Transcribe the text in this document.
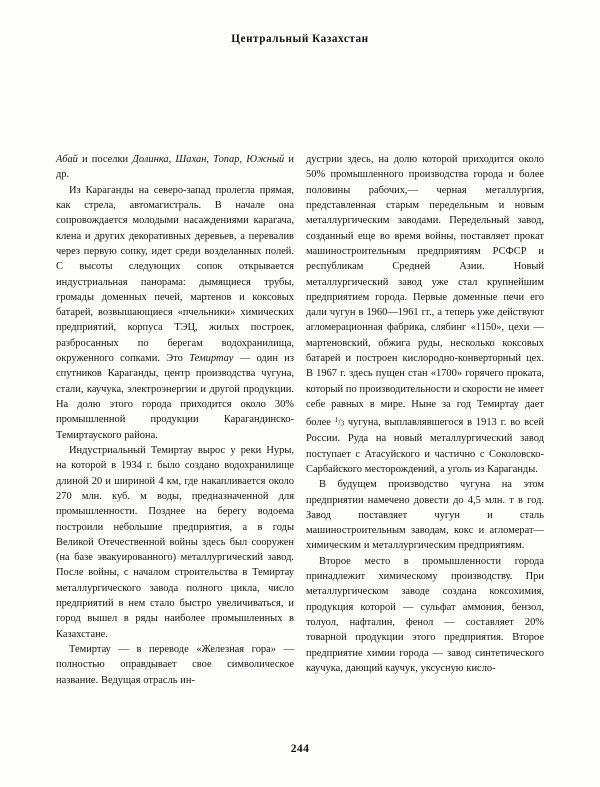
Центральный Казахстан

Абай и поселки Долинка, Шахан, Топар, Южный и др.

Из Караганды на северо-запад пролегла прямая, как стрела, автомагистраль. В начале она сопровождается молодыми насаждениями карагача, клена и других декоративных деревьев, а перевалив через первую сопку, идет среди возделанных полей. С высоты следующих сопок открывается индустриальная панорама: дымящиеся трубы, громады доменных печей, мартенов и коксовых батарей, возвышающиеся «пчельники» химических предприятий, корпуса ТЭЦ, жилых построек, разбросанных по берегам водохранилища, окруженного сопками. Это Темиртау — один из спутников Караганды, центр производства чугуна, стали, каучука, электроэнергии и другой продукции. На долю этого города приходится около 30% промышленной продукции Карагандинско-Темиртауского района.

Индустриальный Темиртау вырос у реки Нуры, на которой в 1934 г. было создано водохранилище длиной 20 и шириной 4 км, где накапливается около 270 млн. куб. м воды, предназначенной для промышленности. Позднее на берегу водоема построили небольшие предприятия, а в годы Великой Отечественной войны здесь был сооружен (на базе эвакуированного) металлургический завод. После войны, с началом строительства в Темиртау металлургического завода полного цикла, число предприятий в нем стало быстро увеличиваться, и город вышел в ряды наиболее промышленных в Казахстане.

Темиртау — в переводе «Железная гора» — полностью оправдывает свое символическое название. Ведущая отрасль ин-

дустрии здесь, на долю которой приходится около 50% промышленного производства города и более половины рабочих,— черная металлургия, представленная старым передельным и новым металлургическим заводами. Передельный завод, созданный еще во время войны, поставляет прокат машиностроительным предприятиям РСФСР и республикам Средней Азии. Новый металлургический завод уже стал крупнейшим предприятием города. Первые доменные печи его дали чугун в 1960—1961 гг., а теперь уже действуют агломерационная фабрика, слябинг «1150», цехи — мартеновский, обжига руды, несколько коксовых батарей и построен кислородно-конверторный цех. В 1967 г. здесь пущен стан «1700» горячего проката, который по производительности и скорости не имеет себе равных в мире. Ныне за год Темиртау дает более $^1/_3$ чугуна, выплавлявшегося в 1913 г. во всей России. Руда на новый металлургический завод поступает с Атасуйского и частично с Соколовско-Сарбайского месторождений, а уголь из Караганды.

В будущем производство чугуна на этом предприятии намечено довести до 4,5 млн. т в год. Завод поставляет чугун и сталь машиностроительным заводам, кокс и агломерат—химическим и металлургическим предприятиям.

Второе место в промышленности города принадлежит химическому производству. При металлургическом заводе создана коксохимия, продукция которой — сульфат аммония, бензол, толуол, нафталин, фенол — составляет 20% товарной продукции этого предприятия. Второе предприятие химии города — завод синтетического каучука, дающий каучук, уксусную кисло-

244
